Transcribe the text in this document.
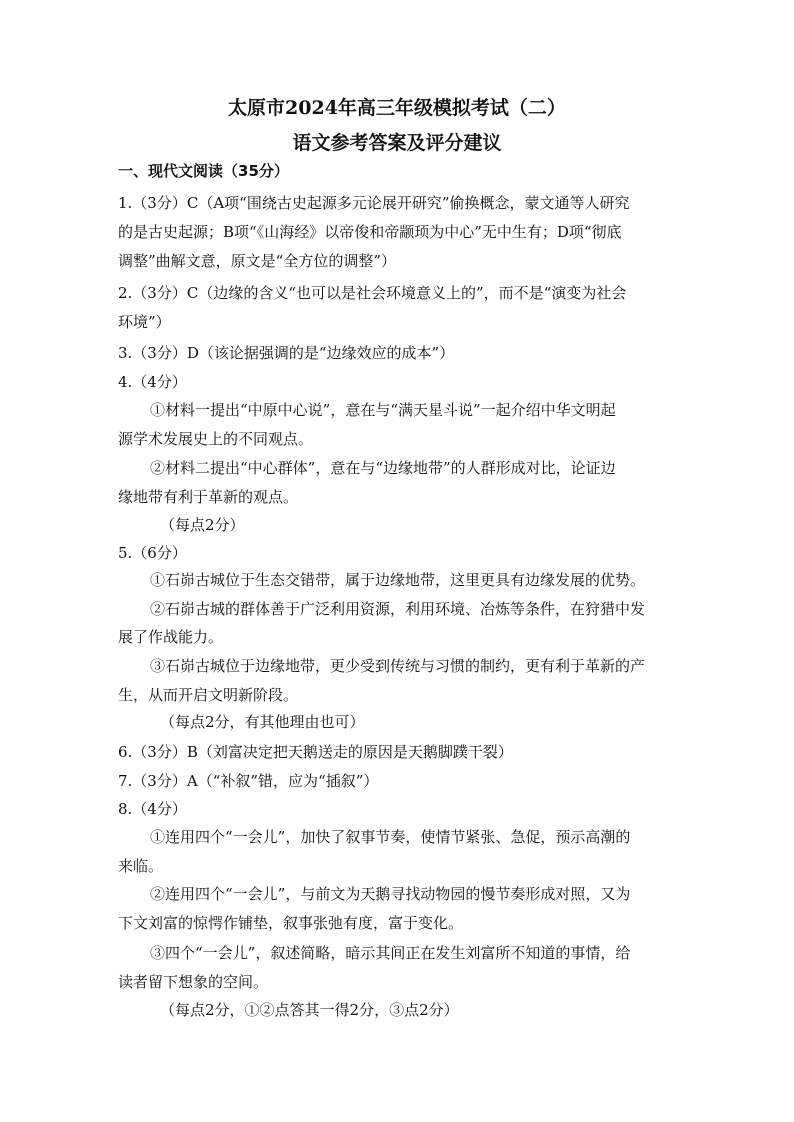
太原市2024年高三年级模拟考试（二）
语文参考答案及评分建议
一、现代文阅读（35分）
1.（3分）C（A项“围绕古史起源多元论展开研究”偷换概念，蒙文通等人研究
的是古史起源；B项“《山海经》以帝俊和帝颛顼为中心”无中生有；D项“彻底
调整”曲解文意，原文是“全方位的调整”）
2.（3分）C（边缘的含义“也可以是社会环境意义上的”，而不是“演变为社会
环境”）
3.（3分）D（该论据强调的是“边缘效应的成本”）
4.（4分）
①材料一提出“中原中心说”，意在与“满天星斗说”一起介绍中华文明起
源学术发展史上的不同观点。
②材料二提出“中心群体”，意在与“边缘地带”的人群形成对比，论证边
缘地带有利于革新的观点。
（每点2分）
5.（6分）
①石峁古城位于生态交错带，属于边缘地带，这里更具有边缘发展的优势。
②石峁古城的群体善于广泛利用资源，利用环境、冶炼等条件，在狩猎中发
展了作战能力。
③石峁古城位于边缘地带，更少受到传统与习惯的制约，更有利于革新的产
生，从而开启文明新阶段。
（每点2分，有其他理由也可）
6.（3分）B（刘富决定把天鹅送走的原因是天鹅脚蹼干裂）
7.（3分）A（“补叙”错，应为“插叙”）
8.（4分）
①连用四个“一会儿”，加快了叙事节奏，使情节紧张、急促，预示高潮的
来临。
②连用四个“一会儿”，与前文为天鹅寻找动物园的慢节奏形成对照，又为
下文刘富的惊愕作铺垫，叙事张弛有度，富于变化。
③四个“一会儿”，叙述简略，暗示其间正在发生刘富所不知道的事情，给
读者留下想象的空间。
（每点2分，①②点答其一得2分，③点2分）
